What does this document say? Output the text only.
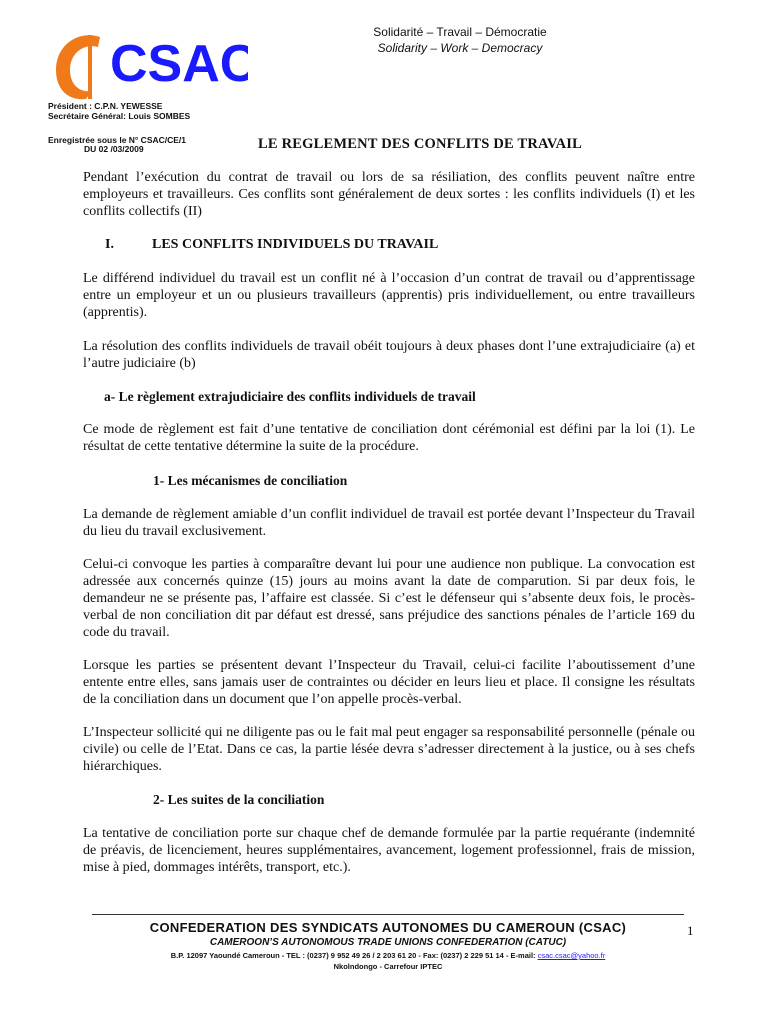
CSAC
Solidarité – Travail – Démocratie
Solidarity – Work – Democracy
Président : C.P.N. YEWESSE
Secrétaire Général: Louis SOMBES
Enregistrée sous le N° CSAC/CE/1
DU 02 /03/2009	LE REGLEMENT DES CONFLITS DE TRAVAIL
Pendant l’exécution du contrat de travail ou lors de sa résiliation, des conflits peuvent naître entre employeurs et travailleurs. Ces conflits sont généralement de deux sortes : les conflits individuels (I) et les conflits collectifs (II)
I.	LES CONFLITS INDIVIDUELS DU TRAVAIL
Le différend individuel du travail est un conflit né à l’occasion d’un contrat de travail ou d’apprentissage entre un employeur et un ou plusieurs travailleurs (apprentis) pris individuellement, ou entre travailleurs (apprentis).
La résolution des conflits individuels de travail obéit toujours à deux phases dont l’une extrajudiciaire (a) et l’autre judiciaire (b)
a- Le règlement extrajudiciaire des conflits individuels de travail
Ce mode de règlement est fait d’une tentative de conciliation dont cérémonial est défini par la loi (1). Le résultat de cette tentative détermine la suite de la procédure.
1- Les mécanismes de conciliation
La demande de règlement amiable d’un conflit individuel de travail est portée devant l’Inspecteur du Travail du lieu du travail exclusivement.
Celui-ci convoque les parties à comparaître devant lui pour une audience non publique. La convocation est adressée aux concernés quinze (15) jours au moins avant la date de comparution. Si par deux fois, le demandeur ne se présente pas, l’affaire est classée. Si c’est le défenseur qui s’absente deux fois, le procès-verbal de non conciliation dit par défaut est dressé, sans préjudice des sanctions pénales de l’article 169 du code du travail.
Lorsque les parties se présentent devant l’Inspecteur du Travail, celui-ci facilite l’aboutissement d’une entente entre elles, sans jamais user de contraintes ou décider en leurs lieu et place. Il consigne les résultats de la conciliation dans un document que l’on appelle procès-verbal.
L’Inspecteur sollicité qui ne diligente pas ou le fait mal peut engager sa responsabilité personnelle (pénale ou civile) ou celle de l’Etat. Dans ce cas, la partie lésée devra s’adresser directement à la justice, ou à ses chefs hiérarchiques.
2- Les suites de la conciliation
La tentative de conciliation porte sur chaque chef de demande formulée par la partie requérante (indemnité de préavis, de licenciement, heures supplémentaires, avancement, logement professionnel, frais de mission, mise à pied, dommages intérêts, transport, etc.).
CONFEDERATION DES SYNDICATS AUTONOMES DU CAMEROUN (CSAC)	1
CAMEROON’S AUTONOMOUS TRADE UNIONS CONFEDERATION (CATUC)
B.P. 12097 Yaoundé Cameroun - TEL : (0237) 9 952 49 26 / 2 203 61 20 - Fax: (0237) 2 229 51 14 - E-mail: csac.csac@yahoo.fr
Nkolndongo - Carrefour IPTEC
